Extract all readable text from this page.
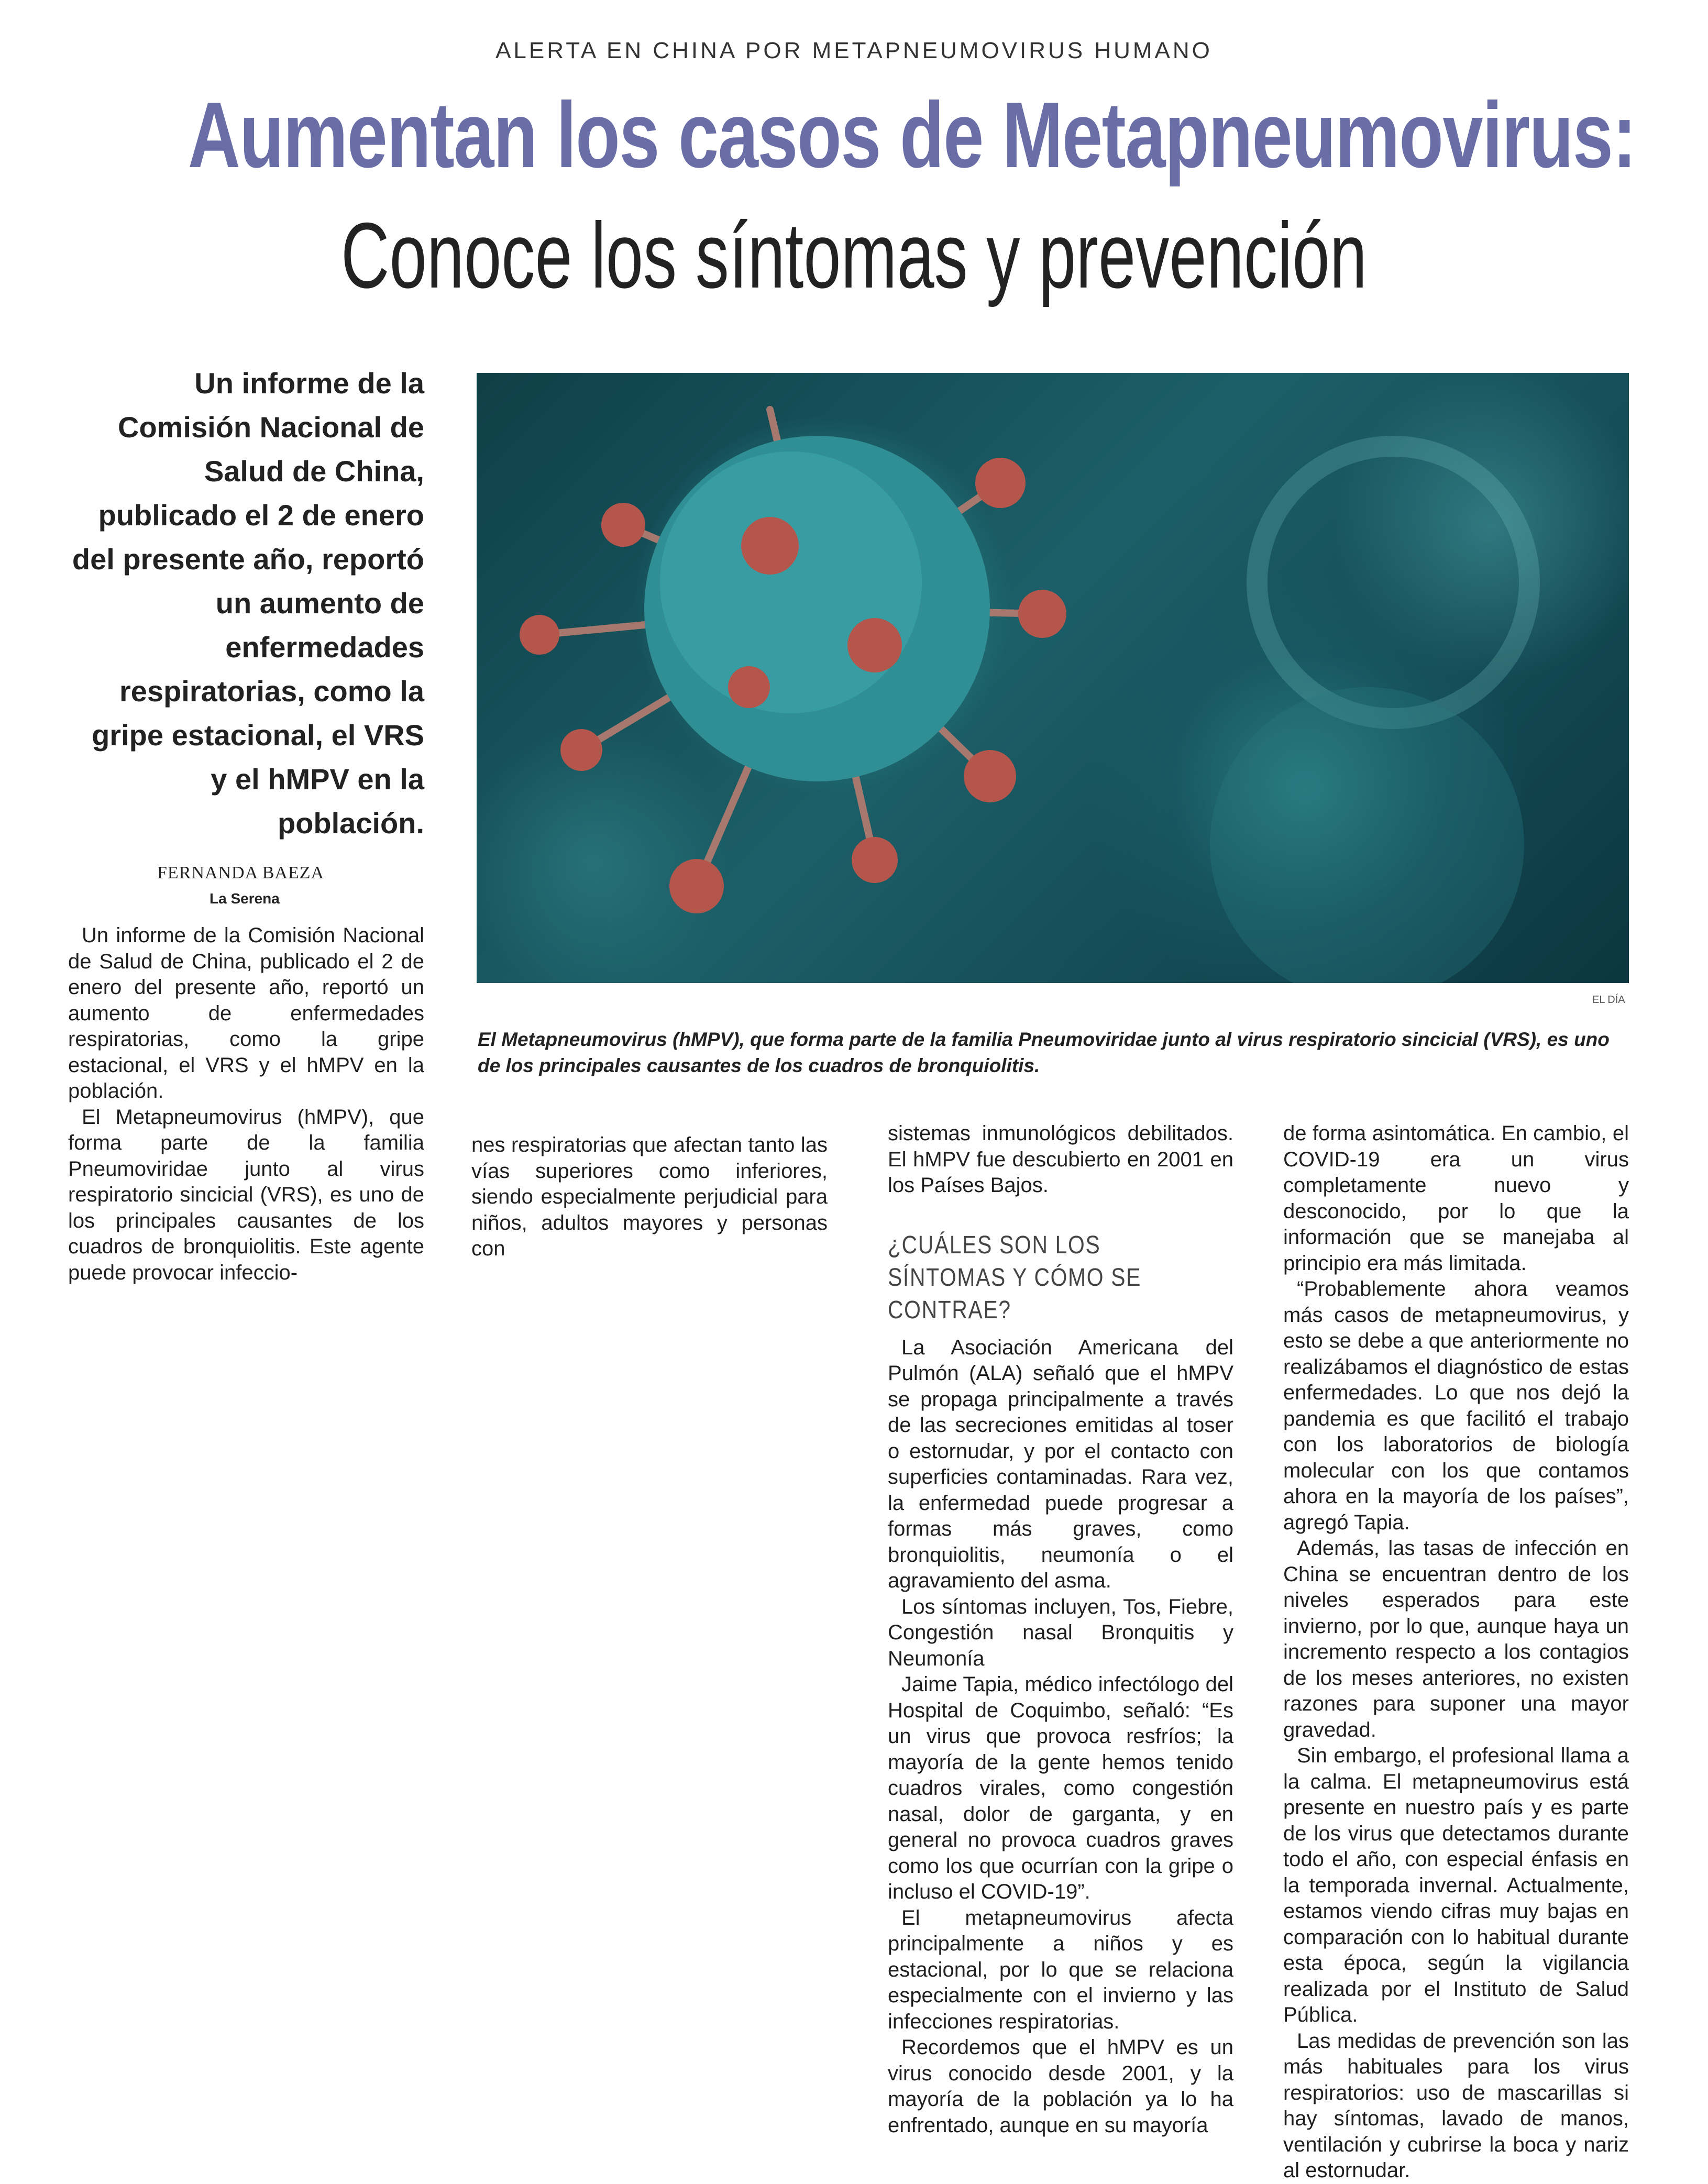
ALERTA EN CHINA POR METAPNEUMOVIRUS HUMANO
Aumentan los casos de Metapneumovirus:
Conoce los síntomas y prevención
Un informe de la Comisión Nacional de Salud de China, publicado el 2 de enero del presente año, reportó un aumento de enfermedades respiratorias, como la gripe estacional, el VRS y el hMPV en la población.
EL DÍA
El Metapneumovirus (hMPV), que forma parte de la familia Pneumoviridae junto al virus respiratorio sincicial (VRS), es uno de los principales causantes de los cuadros de bronquiolitis.
FERNANDA BAEZA
La Serena

Un informe de la Comisión Nacional de Salud de China, publicado el 2 de enero del presente año, reportó un aumento de enfermedades respiratorias, como la gripe estacional, el VRS y el hMPV en la población.

El Metapneumovirus (hMPV), que forma parte de la familia Pneumoviridae junto al virus respiratorio sincicial (VRS), es uno de los principales causantes de los cuadros de bronquiolitis. Este agente puede provocar infeccio-

nes respiratorias que afectan tanto las vías superiores como inferiores, siendo especialmente perjudicial para niños, adultos mayores y personas con

sistemas inmunológicos debilitados. El hMPV fue descubierto en 2001 en los Países Bajos.

¿CUÁLES SON LOS SÍNTOMAS Y CÓMO SE CONTRAE?

La Asociación Americana del Pulmón (ALA) señaló que el hMPV se propaga principalmente a través de las secreciones emitidas al toser o estornudar, y por el contacto con superficies contaminadas. Rara vez, la enfermedad puede progresar a formas más graves, como bronquiolitis, neumonía o el agravamiento del asma.

Los síntomas incluyen, Tos, Fiebre, Congestión nasal Bronquitis y Neumonía

Jaime Tapia, médico infectólogo del Hospital de Coquimbo, señaló: “Es un virus que provoca resfríos; la mayoría de la gente hemos tenido cuadros virales, como congestión nasal, dolor de garganta, y en general no provoca cuadros graves como los que ocurrían con la gripe o incluso el COVID-19”.

El metapneumovirus afecta principalmente a niños y es estacional, por lo que se relaciona especialmente con el invierno y las infecciones respiratorias.

Recordemos que el hMPV es un virus conocido desde 2001, y la mayoría de la población ya lo ha enfrentado, aunque en su mayoría

de forma asintomática. En cambio, el COVID-19 era un virus completamente nuevo y desconocido, por lo que la información que se manejaba al principio era más limitada.

“Probablemente ahora veamos más casos de metapneumovirus, y esto se debe a que anteriormente no realizábamos el diagnóstico de estas enfermedades. Lo que nos dejó la pandemia es que facilitó el trabajo con los laboratorios de biología molecular con los que contamos ahora en la mayoría de los países”, agregó Tapia.

Además, las tasas de infección en China se encuentran dentro de los niveles esperados para este invierno, por lo que, aunque haya un incremento respecto a los contagios de los meses anteriores, no existen razones para suponer una mayor gravedad.

Sin embargo, el profesional llama a la calma. El metapneumovirus está presente en nuestro país y es parte de los virus que detectamos durante todo el año, con especial énfasis en la temporada invernal. Actualmente, estamos viendo cifras muy bajas en comparación con lo habitual durante esta época, según la vigilancia realizada por el Instituto de Salud Pública.

Las medidas de prevención son las más habituales para los virus respiratorios: uso de mascarillas si hay síntomas, lavado de manos, ventilación y cubrirse la boca y nariz al estornudar.
